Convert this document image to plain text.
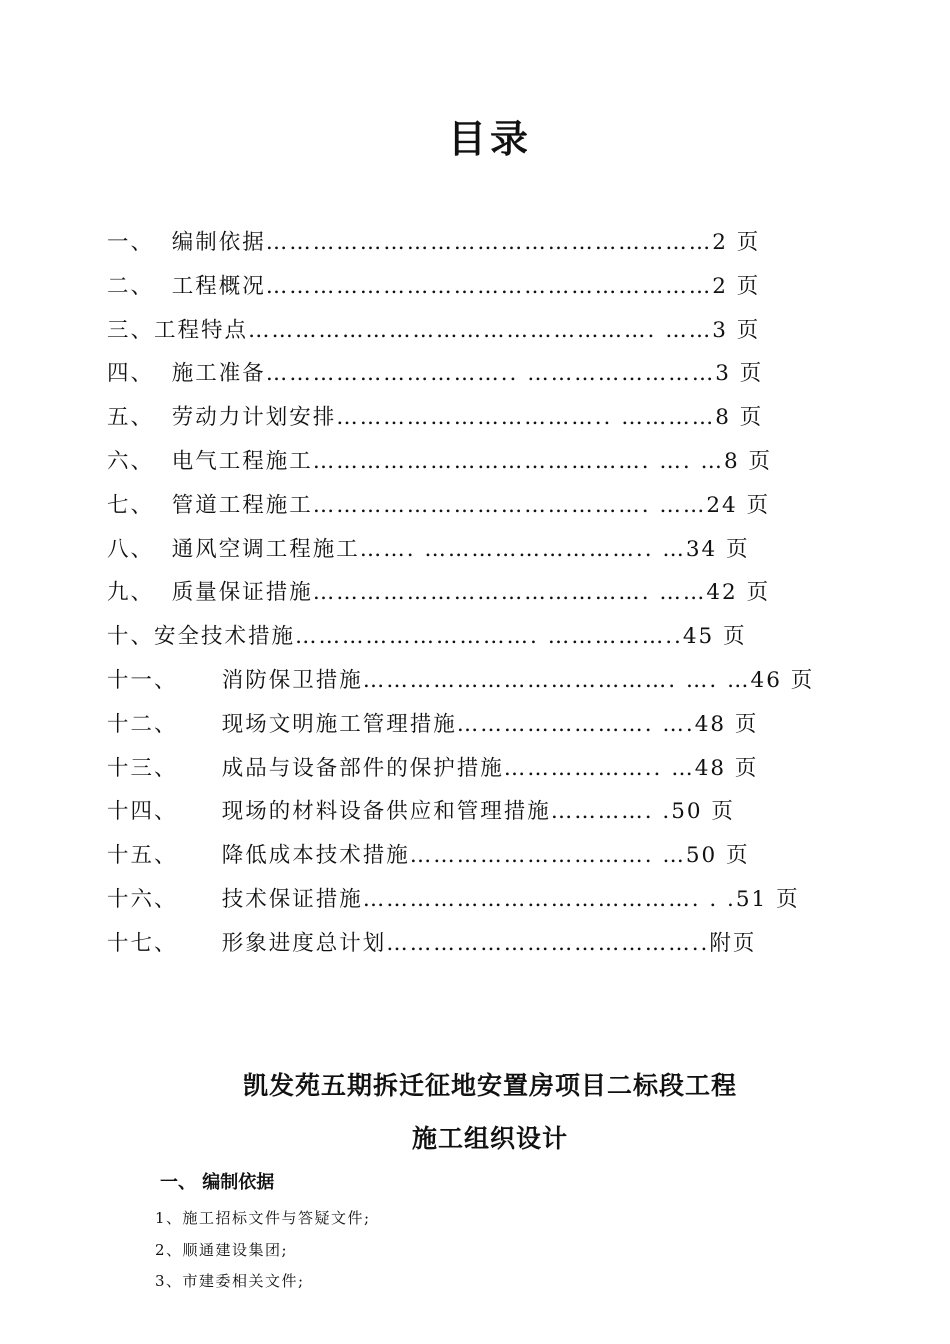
目录
一、 编制依据…………………………………………………2 页
二、 工程概况…………………………………………………2 页
三、工程特点……………………………………………. ……3 页
四、 施工准备………………………….. ……………………3 页
五、 劳动力计划安排…………………………….. …………8 页
六、 电气工程施工……………………………………. …. …8 页
七、 管道工程施工……………………………………. ……24 页
八、 通风空调工程施工……. ……………………….. …34 页
九、 质量保证措施……………………………………. ……42 页
十、安全技术措施…………………………. ……………..45 页
十一、 消防保卫措施…………………………………. …. …46 页
十二、 现场文明施工管理措施……………………. ….48 页
十三、 成品与设备部件的保护措施……………….. …48 页
十四、 现场的材料设备供应和管理措施…………. .50 页
十五、 降低成本技术措施…………………………. …50 页
十六、 技术保证措施……………………………………. . .51 页
十七、 形象进度总计划…………………………………..附页
凯发苑五期拆迁征地安置房项目二标段工程
施工组织设计
一、 编制依据
1、施工招标文件与答疑文件;
2、顺通建设集团;
3、市建委相关文件;
